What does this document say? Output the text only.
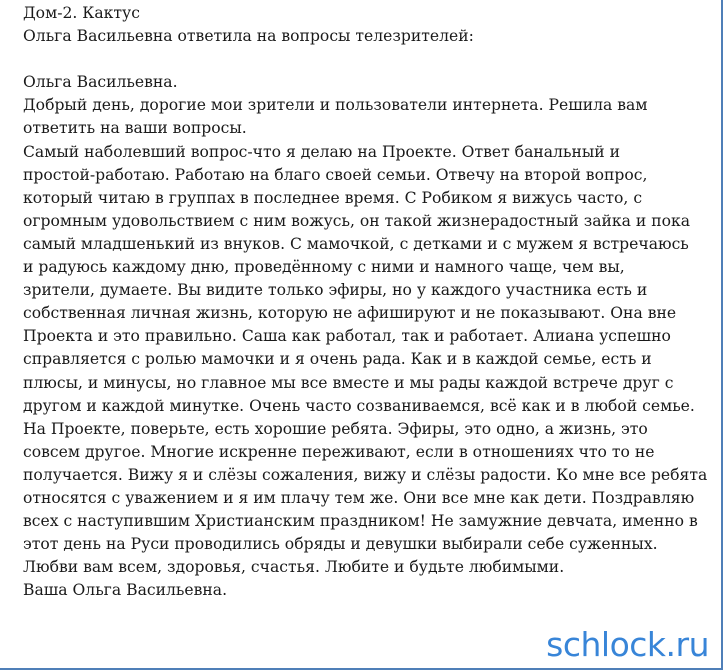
Дом-2. Кактус
Ольга Васильевна ответила на вопросы телезрителей:
Ольга Васильевна.
Добрый день, дорогие мои зрители и пользователи интернета. Решила вам
ответить на ваши вопросы.
Самый наболевший вопрос-что я делаю на Проекте. Ответ банальный и
простой-работаю. Работаю на благо своей семьи. Отвечу на второй вопрос,
который читаю в группах в последнее время. С Робиком я вижусь часто, с
огромным удовольствием с ним вожусь, он такой жизнерадостный зайка и пока
самый младшенький из внуков. С мамочкой, с детками и с мужем я встречаюсь
и радуюсь каждому дню, проведённому с ними и намного чаще, чем вы,
зрители, думаете. Вы видите только эфиры, но у каждого участника есть и
собственная личная жизнь, которую не афишируют и не показывают. Она вне
Проекта и это правильно. Саша как работал, так и работает. Алиана успешно
справляется с ролью мамочки и я очень рада. Как и в каждой семье, есть и
плюсы, и минусы, но главное мы все вместе и мы рады каждой встрече друг с
другом и каждой минутке. Очень часто созваниваемся, всё как и в любой семье.
На Проекте, поверьте, есть хорошие ребята. Эфиры, это одно, а жизнь, это
совсем другое. Многие искренне переживают, если в отношениях что то не
получается. Вижу я и слёзы сожаления, вижу и слёзы радости. Ко мне все ребята
относятся с уважением и я им плачу тем же. Они все мне как дети. Поздравляю
всех с наступившим Христианским праздником! Не замужние девчата, именно в
этот день на Руси проводились обряды и девушки выбирали себе суженных.
Любви вам всем, здоровья, счастья. Любите и будьте любимыми.
Ваша Ольга Васильевна.
schlock.ru
